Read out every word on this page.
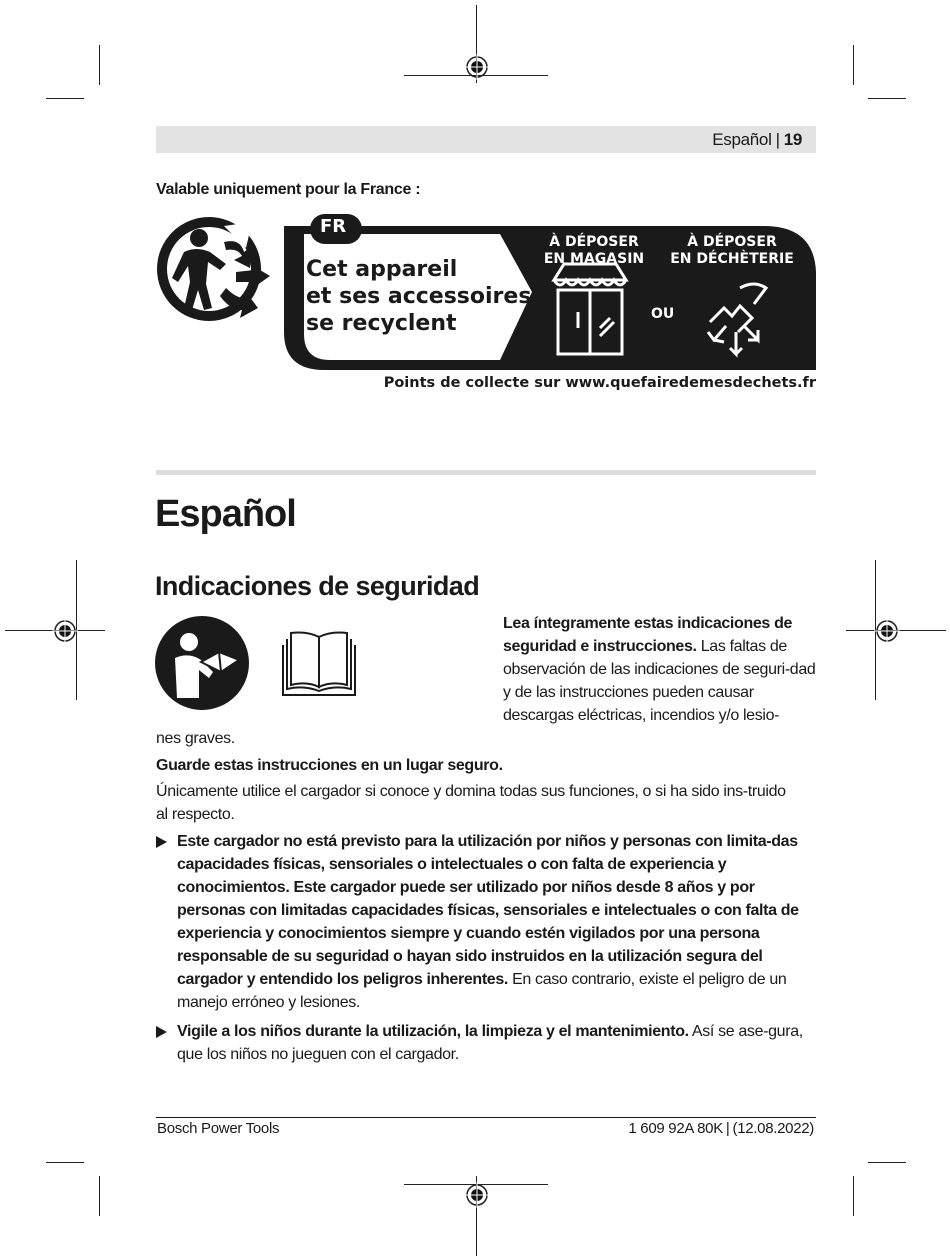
Español | 19
Valable uniquement pour la France :
FR
Cet appareil
et ses accessoires
se recyclent
À DÉPOSER
EN MAGASIN
OU
À DÉPOSER
EN DÉCHÈTERIE
Points de collecte sur www.quefairedemesdechets.fr
Español
Indicaciones de seguridad
Lea íntegramente estas indicaciones de seguridad e instrucciones. Las faltas de observación de las indicaciones de seguri-dad y de las instrucciones pueden causar descargas eléctricas, incendios y/o lesio-
nes graves.
Guarde estas instrucciones en un lugar seguro.
Únicamente utilice el cargador si conoce y domina todas sus funciones, o si ha sido ins-truido al respecto.
Este cargador no está previsto para la utilización por niños y personas con limita-das capacidades físicas, sensoriales o intelectuales o con falta de experiencia y conocimientos. Este cargador puede ser utilizado por niños desde 8 años y por personas con limitadas capacidades físicas, sensoriales e intelectuales o con falta de experiencia y conocimientos siempre y cuando estén vigilados por una persona responsable de su seguridad o hayan sido instruidos en la utilización segura del cargador y entendido los peligros inherentes. En caso contrario, existe el peligro de un manejo erróneo y lesiones.
Vigile a los niños durante la utilización, la limpieza y el mantenimiento. Así se ase-gura, que los niños no jueguen con el cargador.
Bosch Power Tools	1 609 92A 80K | (12.08.2022)
